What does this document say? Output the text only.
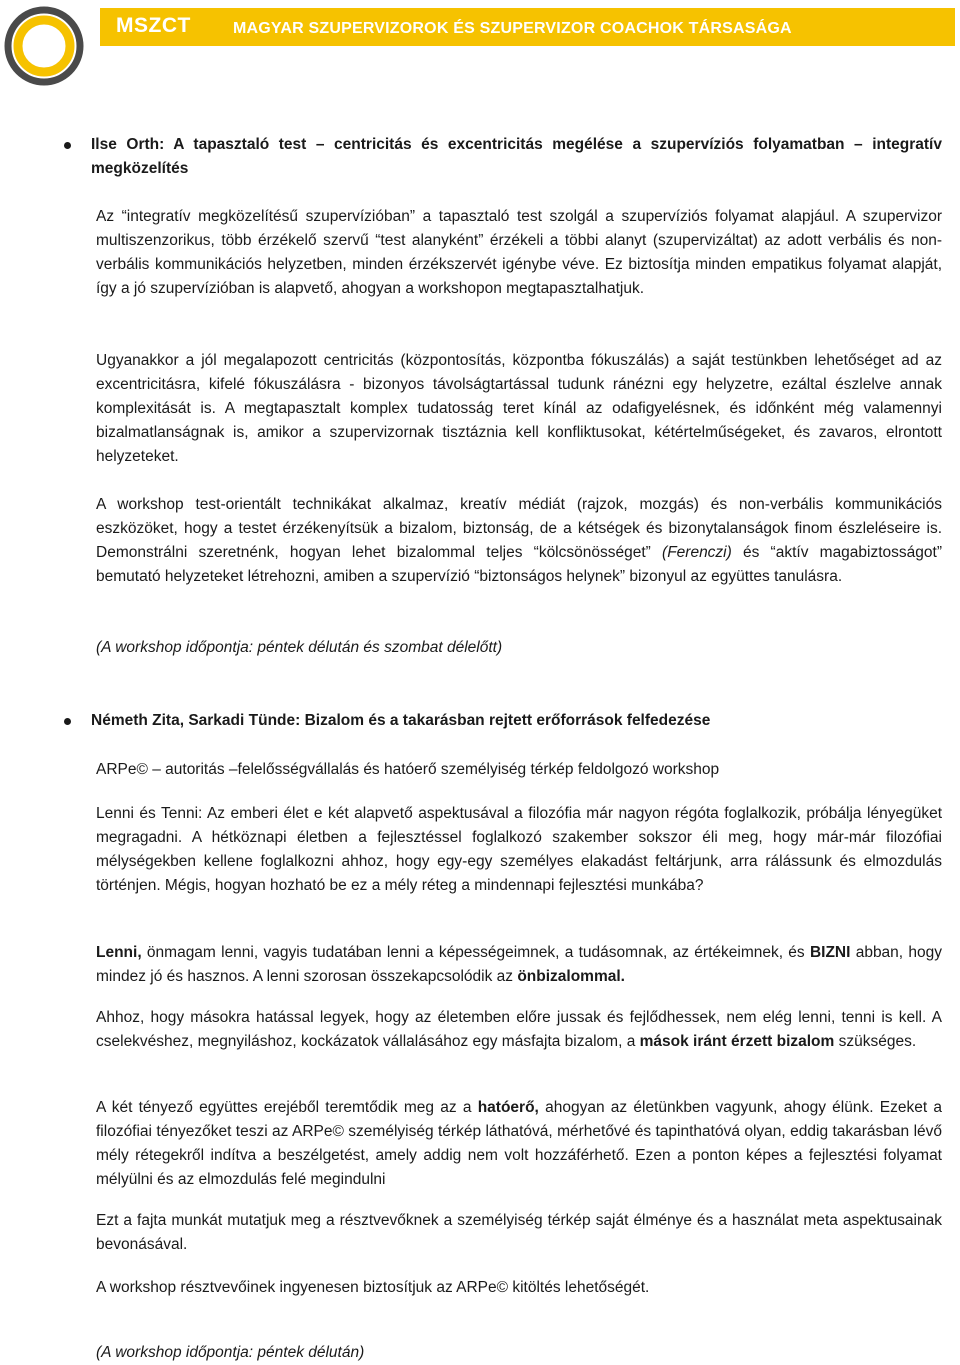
MSZCT	MAGYAR SZUPERVIZOROK ÉS SZUPERVIZOR COACHOK TÁRSASÁGA
Ilse Orth: A tapasztaló test – centricitás és excentricitás megélése a szupervíziós folyamatban – integratív megközelítés

Az “integratív megközelítésű szupervízióban” a tapasztaló test szolgál a szupervíziós folyamat alapjául. A szupervizor multiszenzorikus, több érzékelő szervű “test alanyként” érzékeli a többi alanyt (szupervizáltat) az adott verbális és non-verbális kommunikációs helyzetben, minden érzékszervét igénybe véve. Ez biztosítja minden empatikus folyamat alapját, így a jó szupervízióban is alapvető, ahogyan a workshopon megtapasztalhatjuk.

Ugyanakkor a jól megalapozott centricitás (központosítás, központba fókuszálás) a saját testünkben lehetőséget ad az excentricitásra, kifelé fókuszálásra - bizonyos távolságtartással tudunk ránézni egy helyzetre, ezáltal észlelve annak komplexitását is. A megtapasztalt komplex tudatosság teret kínál az odafigyelésnek, és időnként még valamennyi bizalmatlanságnak is, amikor a szupervizornak tisztáznia kell konfliktusokat, kétértelműségeket, és zavaros, elrontott helyzeteket.

A workshop test-orientált technikákat alkalmaz, kreatív médiát (rajzok, mozgás) és non-verbális kommunikációs eszközöket, hogy a testet érzékenyítsük a bizalom, biztonság, de a kétségek és bizonytalanságok finom észleléseire is. Demonstrálni szeretnénk, hogyan lehet bizalommal teljes “kölcsönösséget” (Ferenczi) és “aktív magabiztosságot” bemutató helyzeteket létrehozni, amiben a szupervízió “biztonságos helynek” bizonyul az együttes tanulásra.

(A workshop időpontja: péntek délután és szombat délelőtt)

Németh Zita, Sarkadi Tünde: Bizalom és a takarásban rejtett erőforrások felfedezése

ARPe© – autoritás –felelősségvállalás és hatóerő személyiség térkép feldolgozó workshop

Lenni és Tenni: Az emberi élet e két alapvető aspektusával a filozófia már nagyon régóta foglalkozik, próbálja lényegüket megragadni. A hétköznapi életben a fejlesztéssel foglalkozó szakember sokszor éli meg, hogy már-már filozófiai mélységekben kellene foglalkozni ahhoz, hogy egy-egy személyes elakadást feltárjunk, arra rálássunk és elmozdulás történjen. Mégis, hogyan hozható be ez a mély réteg a mindennapi fejlesztési munkába?

Lenni, önmagam lenni, vagyis tudatában lenni a képességeimnek, a tudásomnak, az értékeimnek, és BIZNI abban, hogy mindez jó és hasznos. A lenni szorosan összekapcsolódik az önbizalommal.

Ahhoz, hogy másokra hatással legyek, hogy az életemben előre jussak és fejlődhessek, nem elég lenni, tenni is kell. A cselekvéshez, megnyiláshoz, kockázatok vállalásához egy másfajta bizalom, a mások iránt érzett bizalom szükséges.

A két tényező együttes erejéből teremtődik meg az a hatóerő, ahogyan az életünkben vagyunk, ahogy élünk. Ezeket a filozófiai tényezőket teszi az ARPe© személyiség térkép láthatóvá, mérhetővé és tapinthatóvá olyan, eddig takarásban lévő mély rétegekről indítva a beszélgetést, amely addig nem volt hozzáférhető. Ezen a ponton képes a fejlesztési folyamat mélyülni és az elmozdulás felé megindulni

Ezt a fajta munkát mutatjuk meg a résztvevőknek a személyiség térkép saját élménye és a használat meta aspektusainak bevonásával.

A workshop résztvevőinek ingyenesen biztosítjuk az ARPe© kitöltés lehetőségét.

(A workshop időpontja: péntek délután)
